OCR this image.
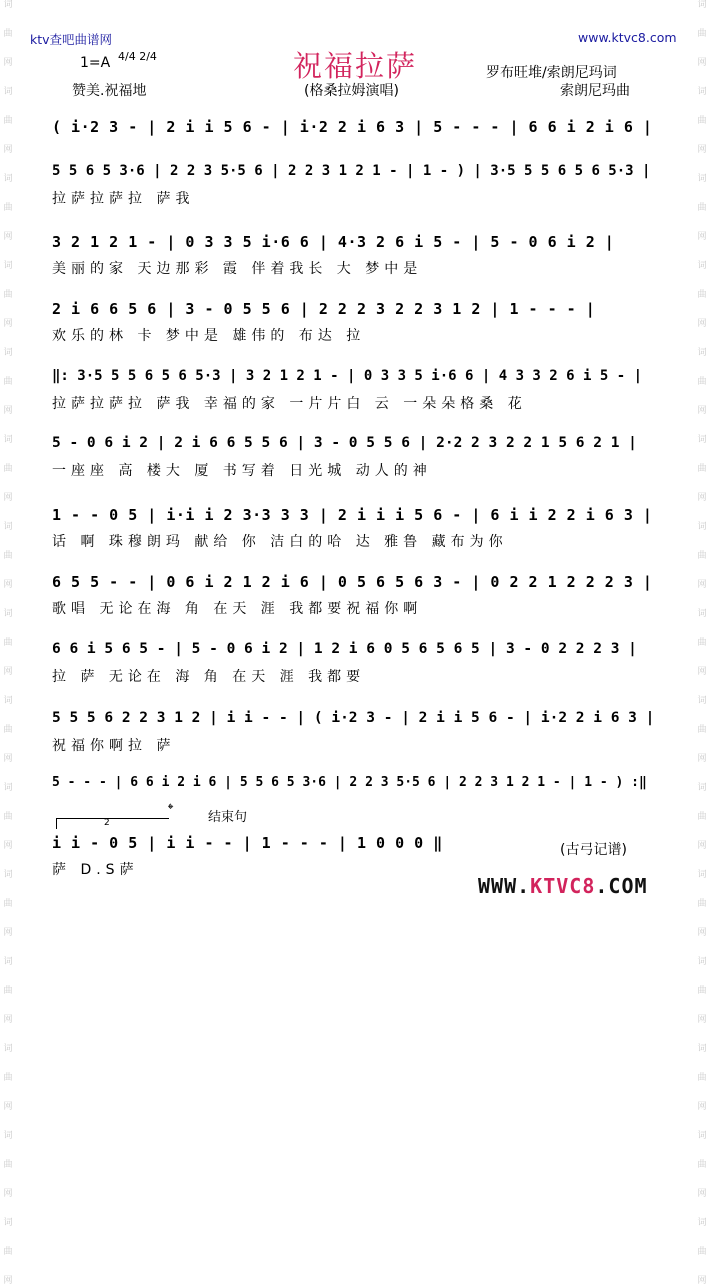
词
曲
网
词
曲
网
词
曲
网
词
曲
网
词
曲
网
词
曲
网
词
曲
网
词
曲
网
词
曲
网
词
曲
网
词
曲
网
词
曲
网
词
曲
网
词
曲
网
词
曲
网
词
曲
网
词
曲
网
词
曲
网
词
曲
网
词
曲
网
词
曲
网
词
曲
网
词
曲
网
词
曲
网
词
曲
网
词
曲
网
词
曲
网
词
曲
网
词
曲
网
词
曲
网
ktv查吧曲谱网	www.ktvc8.com
祝福拉萨
1=A 4/4 2/4
赞美.祝福地	(格桑拉姆演唱)
罗布旺堆/索朗尼玛词
索朗尼玛曲
( i·2 3 - | 2 i i 5 6 - | i·2 2 i 6 3 | 5 - - - | 6 6 i 2 i 6 |
5 5 6 5 3·6 | 2 2 3 5·5 6 | 2 2 3 1 2 1 - | 1 - ) | 3·5 5 5 6 5 6 5·3 |
拉萨拉萨拉 萨我
3 2 1 2 1 - | 0 3 3 5 i·6 6 | 4·3 2 6 i 5 - | 5 - 0 6 i 2 |
美丽的家 天边那彩 霞 伴着我长 大 梦中是
2 i 6 6 5 6 | 3 - 0 5 5 6 | 2 2 2 3 2 2 3 1 2 | 1 - - - |
欢乐的林 卡 梦中是 雄伟的 布达 拉
‖: 3·5 5 5 6 5 6 5·3 | 3 2 1 2 1 - | 0 3 3 5 i·6 6 | 4 3 3 2 6 i 5 - |
拉萨拉萨拉 萨我 幸福的家 一片片白 云 一朵朵格桑 花
5 - 0 6 i 2 | 2 i 6 6 5 5 6 | 3 - 0 5 5 6 | 2·2 2 3 2 2 1 5 6 2 1 |
一座座 高 楼大 厦 书写着 日光城 动人的神
1 - - 0 5 | i·i i 2 3·3 3 3 | 2 i i i 5 6 - | 6 i i 2 2 i 6 3 |
话 啊 珠穆朗玛 献给 你 洁白的哈 达 雅鲁 藏布为你
6 5 5 - - | 0 6 i 2 1 2 i 6 | 0 5 6 5 6 3 - | 0 2 2 1 2 2 2 3 |
歌唱 无论在海 角 在天 涯 我都要祝福你啊
6 6 i 5 6 5 - | 5 - 0 6 i 2 | 1 2 i 6 0 5 6 5 6 5 | 3 - 0 2 2 2 3 |
拉 萨 无论在 海 角 在天 涯 我都要
5 5 5 6 2 2 3 1 2 | i i - - | ( i·2 3 - | 2 i i 5 6 - | i·2 2 i 6 3 |
祝福你啊拉 萨
5 - - - | 6 6 i 2 i 6 | 5 5 6 5 3·6 | 2 2 3 5·5 6 | 2 2 3 1 2 1 - | 1 - ) :‖
i i - 0 5 | i i - - | 1 - - - | 1 0 0 0 ‖
萨 D.S萨
2
𝄌	结束句
(古弓记谱)
WWW.KTVC8.COM
